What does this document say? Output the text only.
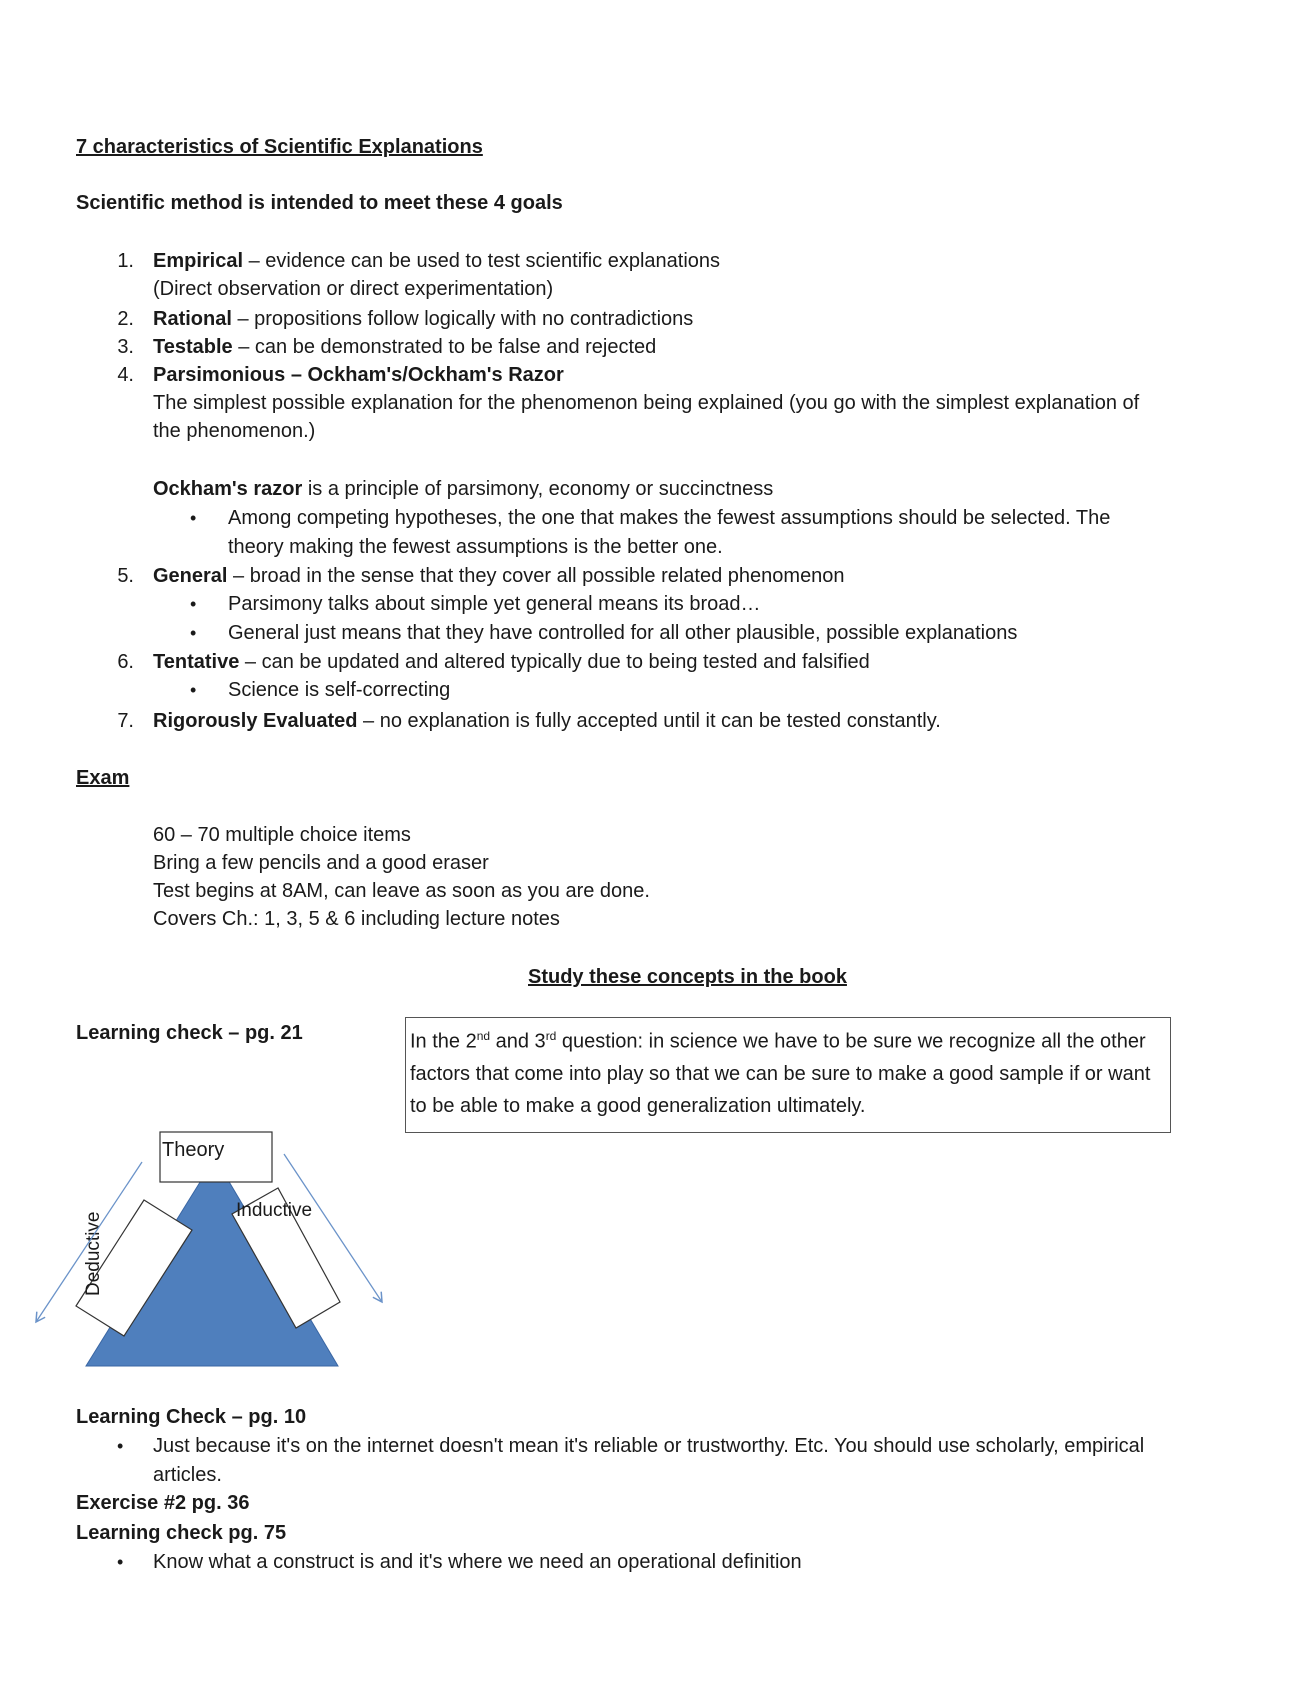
7 characteristics of Scientific Explanations
Scientific method is intended to meet these 4 goals
1. Empirical – evidence can be used to test scientific explanations
(Direct observation or direct experimentation)
2. Rational – propositions follow logically with no contradictions
3. Testable – can be demonstrated to be false and rejected
4. Parsimonious – Ockham's/Ockham's Razor
The simplest possible explanation for the phenomenon being explained (you go with the simplest explanation of
the phenomenon.)
Ockham's razor is a principle of parsimony, economy or succinctness
• Among competing hypotheses, the one that makes the fewest assumptions should be selected. The
theory making the fewest assumptions is the better one.
5. General – broad in the sense that they cover all possible related phenomenon
• Parsimony talks about simple yet general means its broad…
• General just means that they have controlled for all other plausible, possible explanations
6. Tentative – can be updated and altered typically due to being tested and falsified
• Science is self-correcting
7. Rigorously Evaluated – no explanation is fully accepted until it can be tested constantly.
Exam
60 – 70 multiple choice items
Bring a few pencils and a good eraser
Test begins at 8AM, can leave as soon as you are done.
Covers Ch.: 1, 3, 5 & 6 including lecture notes
Study these concepts in the book
Learning check – pg. 21	In the 2nd and 3rd question: in science we have to be sure we recognize all the other factors that come into play so that we can be sure to make a good sample if or want to be able to make a good generalization ultimately.
Theory
Inductive
Deductive
Learning Check – pg. 10
• Just because it's on the internet doesn't mean it's reliable or trustworthy. Etc. You should use scholarly, empirical
articles.
Exercise #2 pg. 36
Learning check pg. 75
• Know what a construct is and it's where we need an operational definition
